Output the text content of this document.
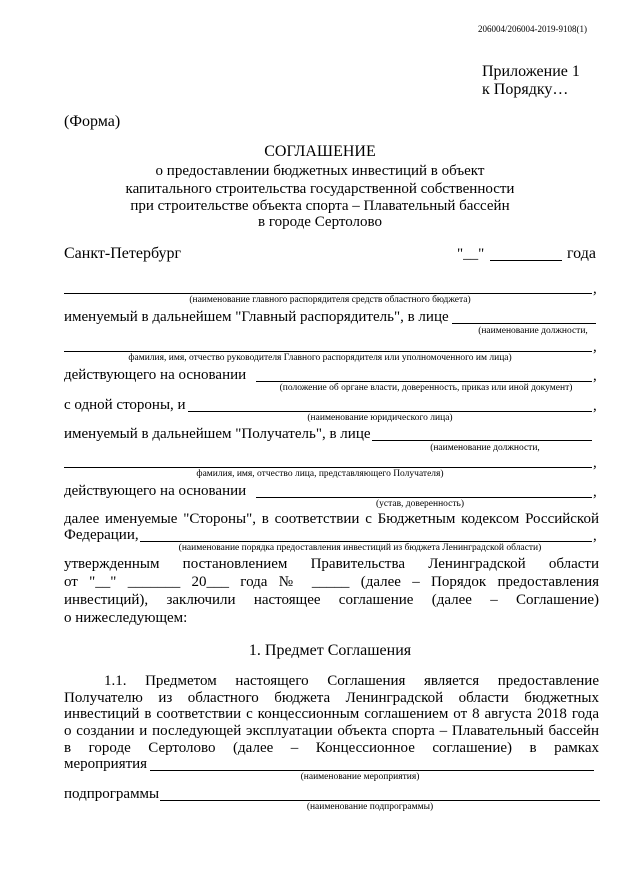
206004/206004-2019-9108(1)
Приложение 1
к Порядку…
(Форма)
СОГЛАШЕНИЕ
о предоставлении бюджетных инвестиций в объект
капитального строительства государственной собственности
при строительстве объекта спорта – Плавательный бассейн
в городе Сертолово
Санкт-Петербург	"__"	года
,
(наименование главного распорядителя средств областного бюджета)
именуемый в дальнейшем "Главный распорядитель", в лице
(наименование должности,
,
фамилия, имя, отчество руководителя Главного распорядителя или уполномоченного им лица)
действующего на основании	,
(положение об органе власти, доверенность, приказ или иной документ)
с одной стороны, и	,
(наименование юридического лица)
именуемый в дальнейшем "Получатель", в лице
(наименование должности,
,
фамилия, имя, отчество лица, представляющего Получателя)
действующего на основании	,
(устав, доверенность)
далее именуемые "Стороны", в соответствии с Бюджетным кодексом Российской
Федерации,	,
(наименование порядка предоставления инвестиций из бюджета Ленинградской области)
утвержденным постановлением Правительства Ленинградской области
от "__" _______ 20___ года № _____ (далее – Порядок предоставления
инвестиций), заключили настоящее соглашение (далее – Соглашение)
о нижеследующем:
1. Предмет Соглашения
1.1. Предметом настоящего Соглашения является предоставление
Получателю из областного бюджета Ленинградской области бюджетных
инвестиций в соответствии с концессионным соглашением от 8 августа 2018 года
о создании и последующей эксплуатации объекта спорта – Плавательный бассейн
в городе Сертолово (далее – Концессионное соглашение) в рамках
мероприятия
(наименование мероприятия)
подпрограммы
(наименование подпрограммы)
